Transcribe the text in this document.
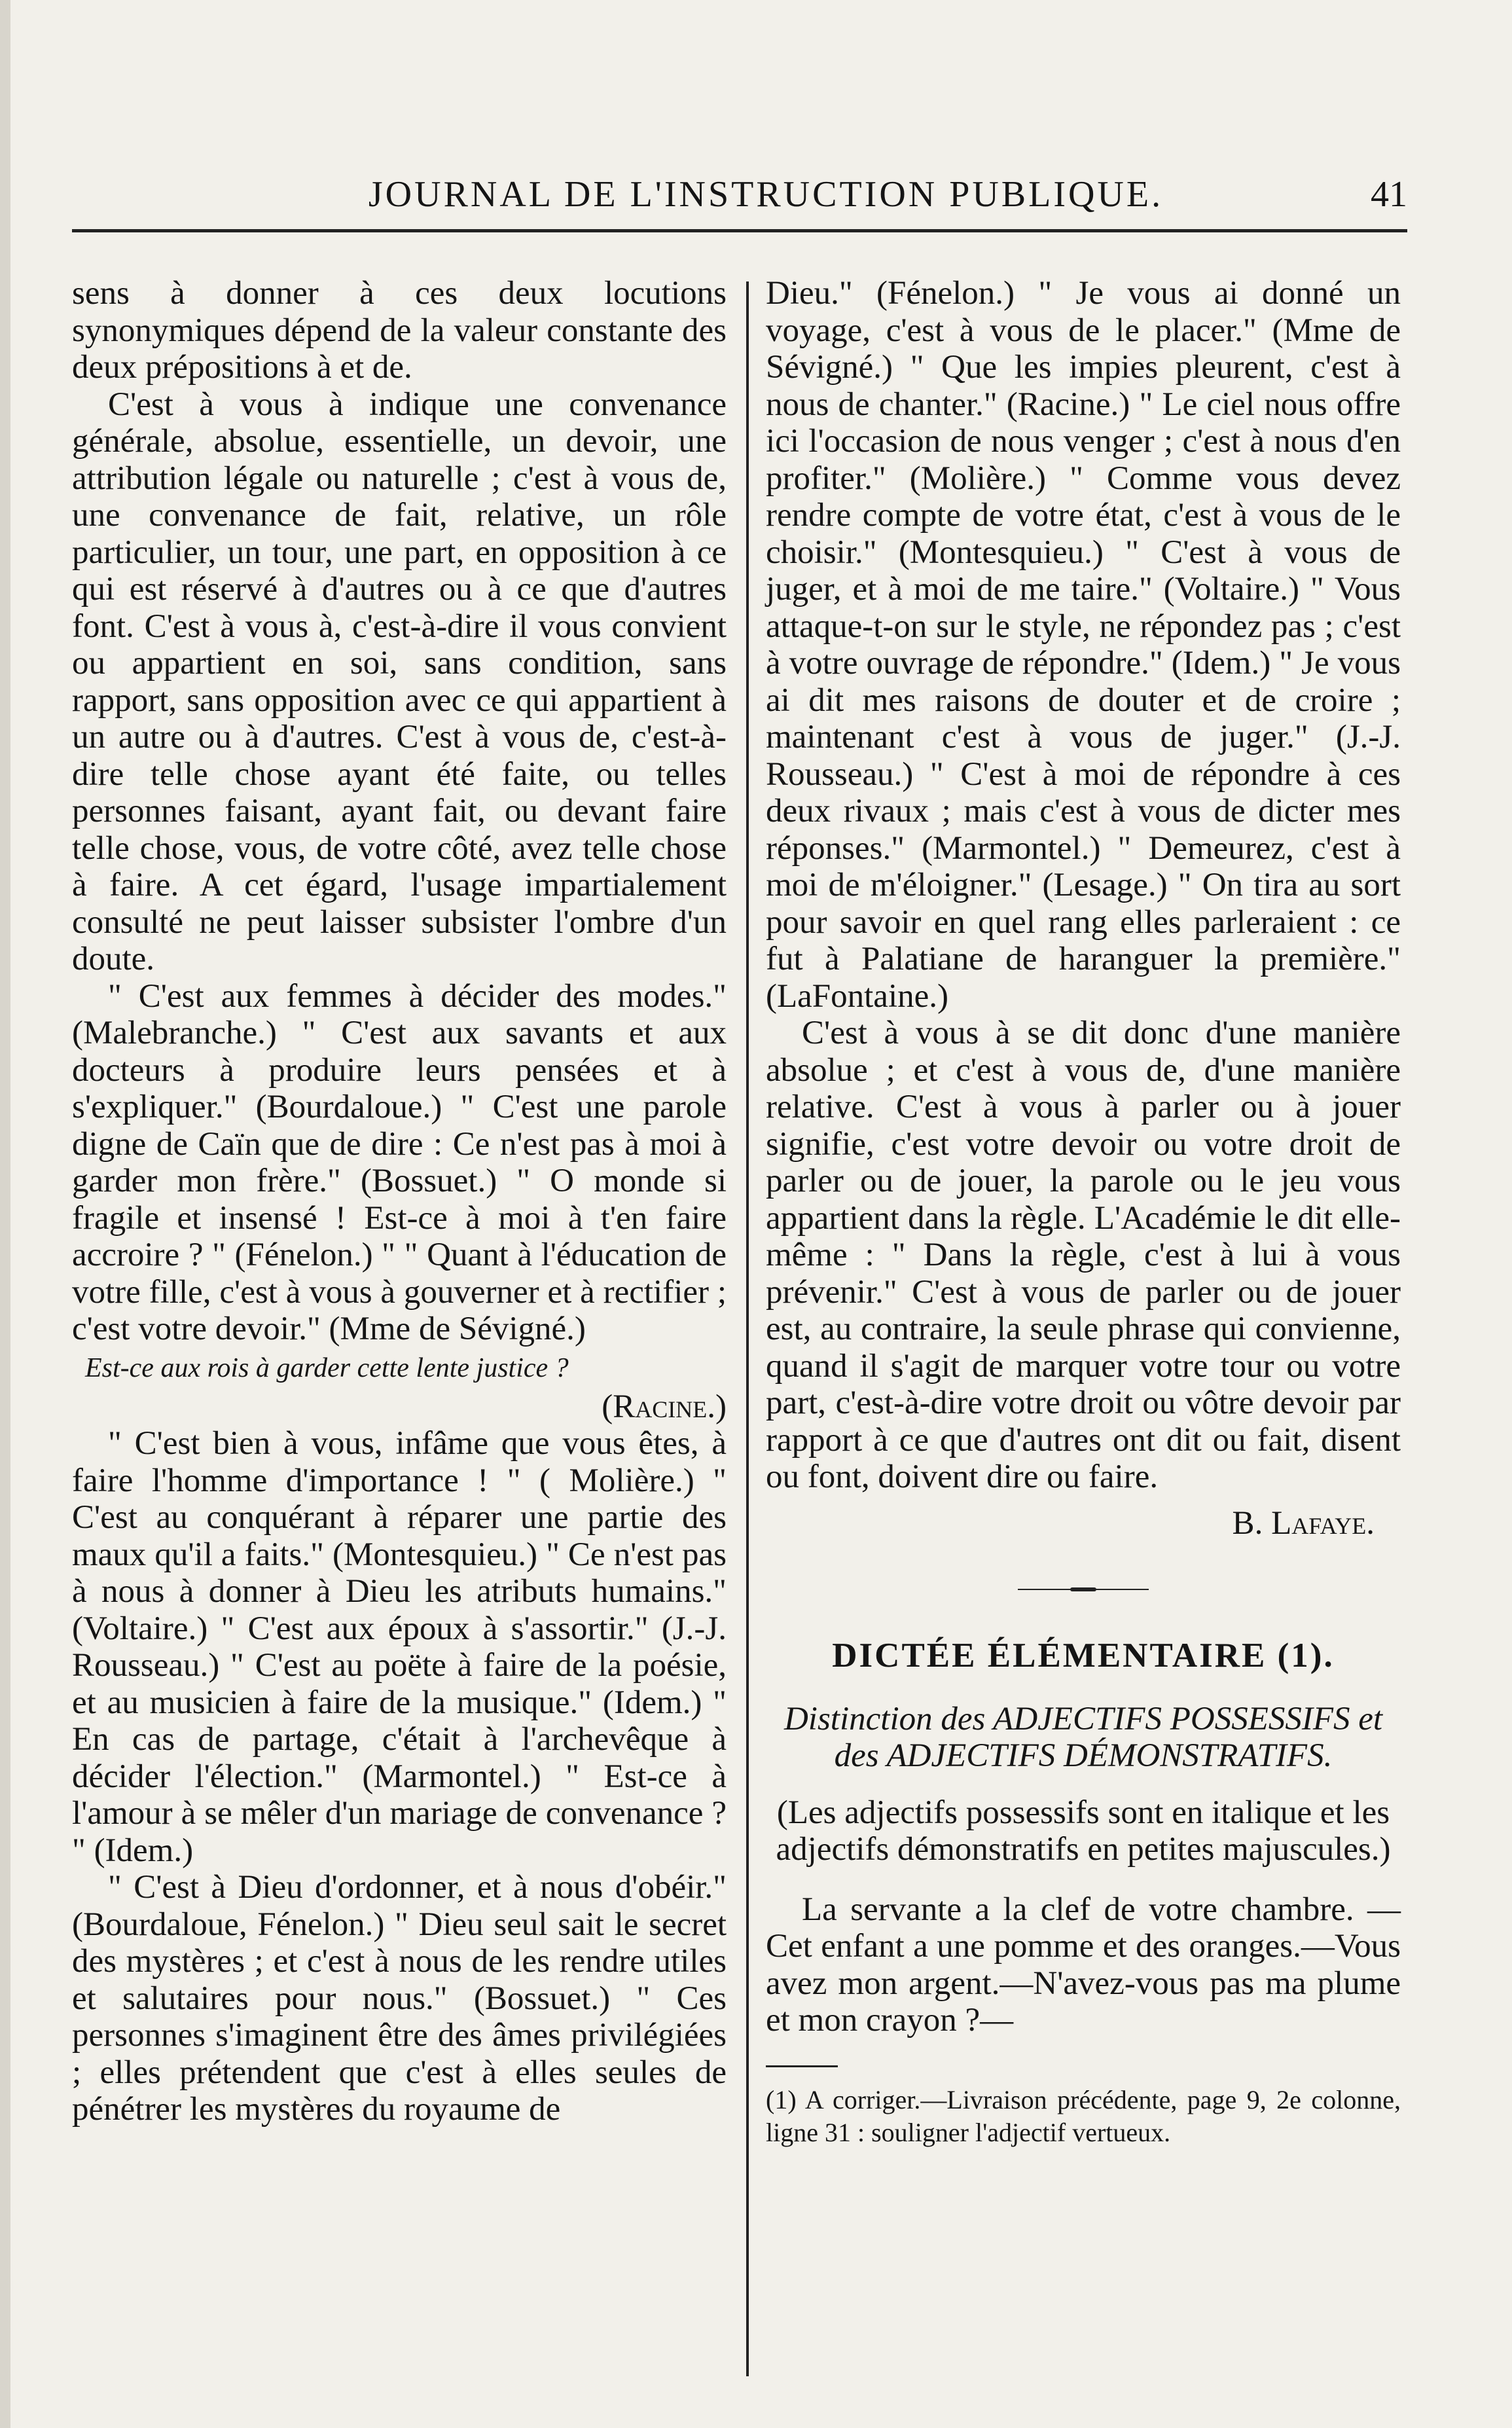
JOURNAL DE L'INSTRUCTION PUBLIQUE.	41

sens à donner à ces deux locutions synonymiques dépend de la valeur constante des deux prépositions à et de.

C'est à vous à indique une convenance générale, absolue, essentielle, un devoir, une attribution légale ou naturelle ; c'est à vous de, une convenance de fait, relative, un rôle particulier, un tour, une part, en opposition à ce qui est réservé à d'autres ou à ce que d'autres font. C'est à vous à, c'est-à-dire il vous convient ou appartient en soi, sans condition, sans rapport, sans opposition avec ce qui appartient à un autre ou à d'autres. C'est à vous de, c'est-à-dire telle chose ayant été faite, ou telles personnes faisant, ayant fait, ou devant faire telle chose, vous, de votre côté, avez telle chose à faire. A cet égard, l'usage impartialement consulté ne peut laisser subsister l'ombre d'un doute.

" C'est aux femmes à décider des modes." (Malebranche.) " C'est aux savants et aux docteurs à produire leurs pensées et à s'expliquer." (Bourdaloue.) " C'est une parole digne de Caïn que de dire : Ce n'est pas à moi à garder mon frère." (Bossuet.) " O monde si fragile et insensé ! Est-ce à moi à t'en faire accroire ? " (Fénelon.) " " Quant à l'éducation de votre fille, c'est à vous à gouverner et à rectifier ; c'est votre devoir." (Mme de Sévigné.)

Est-ce aux rois à garder cette lente justice ?

(Racine.)

" C'est bien à vous, infâme que vous êtes, à faire l'homme d'importance ! " ( Molière.) " C'est au conquérant à réparer une partie des maux qu'il a faits." (Montesquieu.) " Ce n'est pas à nous à donner à Dieu les atributs humains." (Voltaire.) " C'est aux époux à s'assortir." (J.-J. Rousseau.) " C'est au poëte à faire de la poésie, et au musicien à faire de la musique." (Idem.) " En cas de partage, c'était à l'archevêque à décider l'élection." (Marmontel.) " Est-ce à l'amour à se mêler d'un mariage de convenance ? " (Idem.)

" C'est à Dieu d'ordonner, et à nous d'obéir." (Bourdaloue, Fénelon.) " Dieu seul sait le secret des mystères ; et c'est à nous de les rendre utiles et salutaires pour nous." (Bossuet.) " Ces personnes s'imaginent être des âmes privilégiées ; elles prétendent que c'est à elles seules de pénétrer les mystères du royaume de

Dieu." (Fénelon.) " Je vous ai donné un voyage, c'est à vous de le placer." (Mme de Sévigné.) " Que les impies pleurent, c'est à nous de chanter." (Racine.) " Le ciel nous offre ici l'occasion de nous venger ; c'est à nous d'en profiter." (Molière.) " Comme vous devez rendre compte de votre état, c'est à vous de le choisir." (Montesquieu.) " C'est à vous de juger, et à moi de me taire." (Voltaire.) " Vous attaque-t-on sur le style, ne répondez pas ; c'est à votre ouvrage de répondre." (Idem.) " Je vous ai dit mes raisons de douter et de croire ; maintenant c'est à vous de juger." (J.-J. Rousseau.) " C'est à moi de répondre à ces deux rivaux ; mais c'est à vous de dicter mes réponses." (Marmontel.) " Demeurez, c'est à moi de m'éloigner." (Lesage.) " On tira au sort pour savoir en quel rang elles parleraient : ce fut à Palatiane de haranguer la première." (LaFontaine.)

C'est à vous à se dit donc d'une manière absolue ; et c'est à vous de, d'une manière relative. C'est à vous à parler ou à jouer signifie, c'est votre devoir ou votre droit de parler ou de jouer, la parole ou le jeu vous appartient dans la règle. L'Académie le dit elle-même : " Dans la règle, c'est à lui à vous prévenir." C'est à vous de parler ou de jouer est, au contraire, la seule phrase qui convienne, quand il s'agit de marquer votre tour ou votre part, c'est-à-dire votre droit ou vôtre devoir par rapport à ce que d'autres ont dit ou fait, disent ou font, doivent dire ou faire.

B. Lafaye.

DICTÉE ÉLÉMENTAIRE (1).

Distinction des ADJECTIFS POSSESSIFS et des ADJECTIFS DÉMONSTRATIFS.

(Les adjectifs possessifs sont en italique et les adjectifs démonstratifs en petites majuscules.)

La servante a la clef de votre chambre. —Cet enfant a une pomme et des oranges.—Vous avez mon argent.—N'avez-vous pas ma plume et mon crayon ?—

(1) A corriger.—Livraison précédente, page 9, 2e colonne, ligne 31 : souligner l'adjectif vertueux.
